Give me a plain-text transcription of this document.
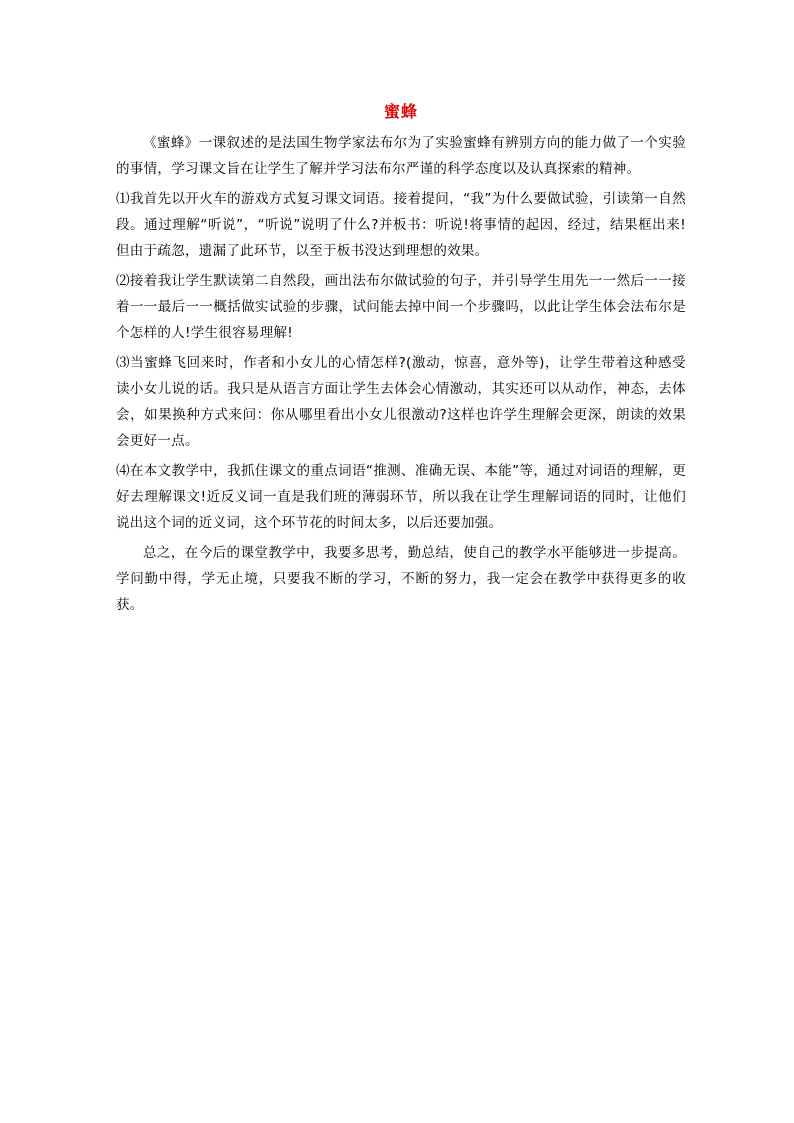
蜜蜂

《蜜蜂》一课叙述的是法国生物学家法布尔为了实验蜜蜂有辨别方向的能力做了一个实验的事情，学习课文旨在让学生了解并学习法布尔严谨的科学态度以及认真探索的精神。

⑴我首先以开火车的游戏方式复习课文词语。接着提问，“我”为什么要做试验，引读第一自然段。通过理解“听说”，“听说”说明了什么?并板书：听说!将事情的起因，经过，结果框出来!但由于疏忽，遗漏了此环节，以至于板书没达到理想的效果。

⑵接着我让学生默读第二自然段，画出法布尔做试验的句子，并引导学生用先一一然后一一接着一一最后一一概括做实试验的步骤，试问能去掉中间一个步骤吗，以此让学生体会法布尔是个怎样的人!学生很容易理解!

⑶当蜜蜂飞回来时，作者和小女儿的心情怎样?(激动，惊喜，意外等)，让学生带着这种感受读小女儿说的话。我只是从语言方面让学生去体会心情激动，其实还可以从动作，神态，去体会，如果换种方式来问：你从哪里看出小女儿很激动?这样也许学生理解会更深，朗读的效果会更好一点。

⑷在本文教学中，我抓住课文的重点词语“推测、准确无误、本能”等，通过对词语的理解，更好去理解课文!近反义词一直是我们班的薄弱环节，所以我在让学生理解词语的同时，让他们说出这个词的近义词，这个环节花的时间太多，以后还要加强。

总之，在今后的课堂教学中，我要多思考，勤总结，使自己的教学水平能够进一步提高。学问勤中得，学无止境，只要我不断的学习，不断的努力，我一定会在教学中获得更多的收获。
